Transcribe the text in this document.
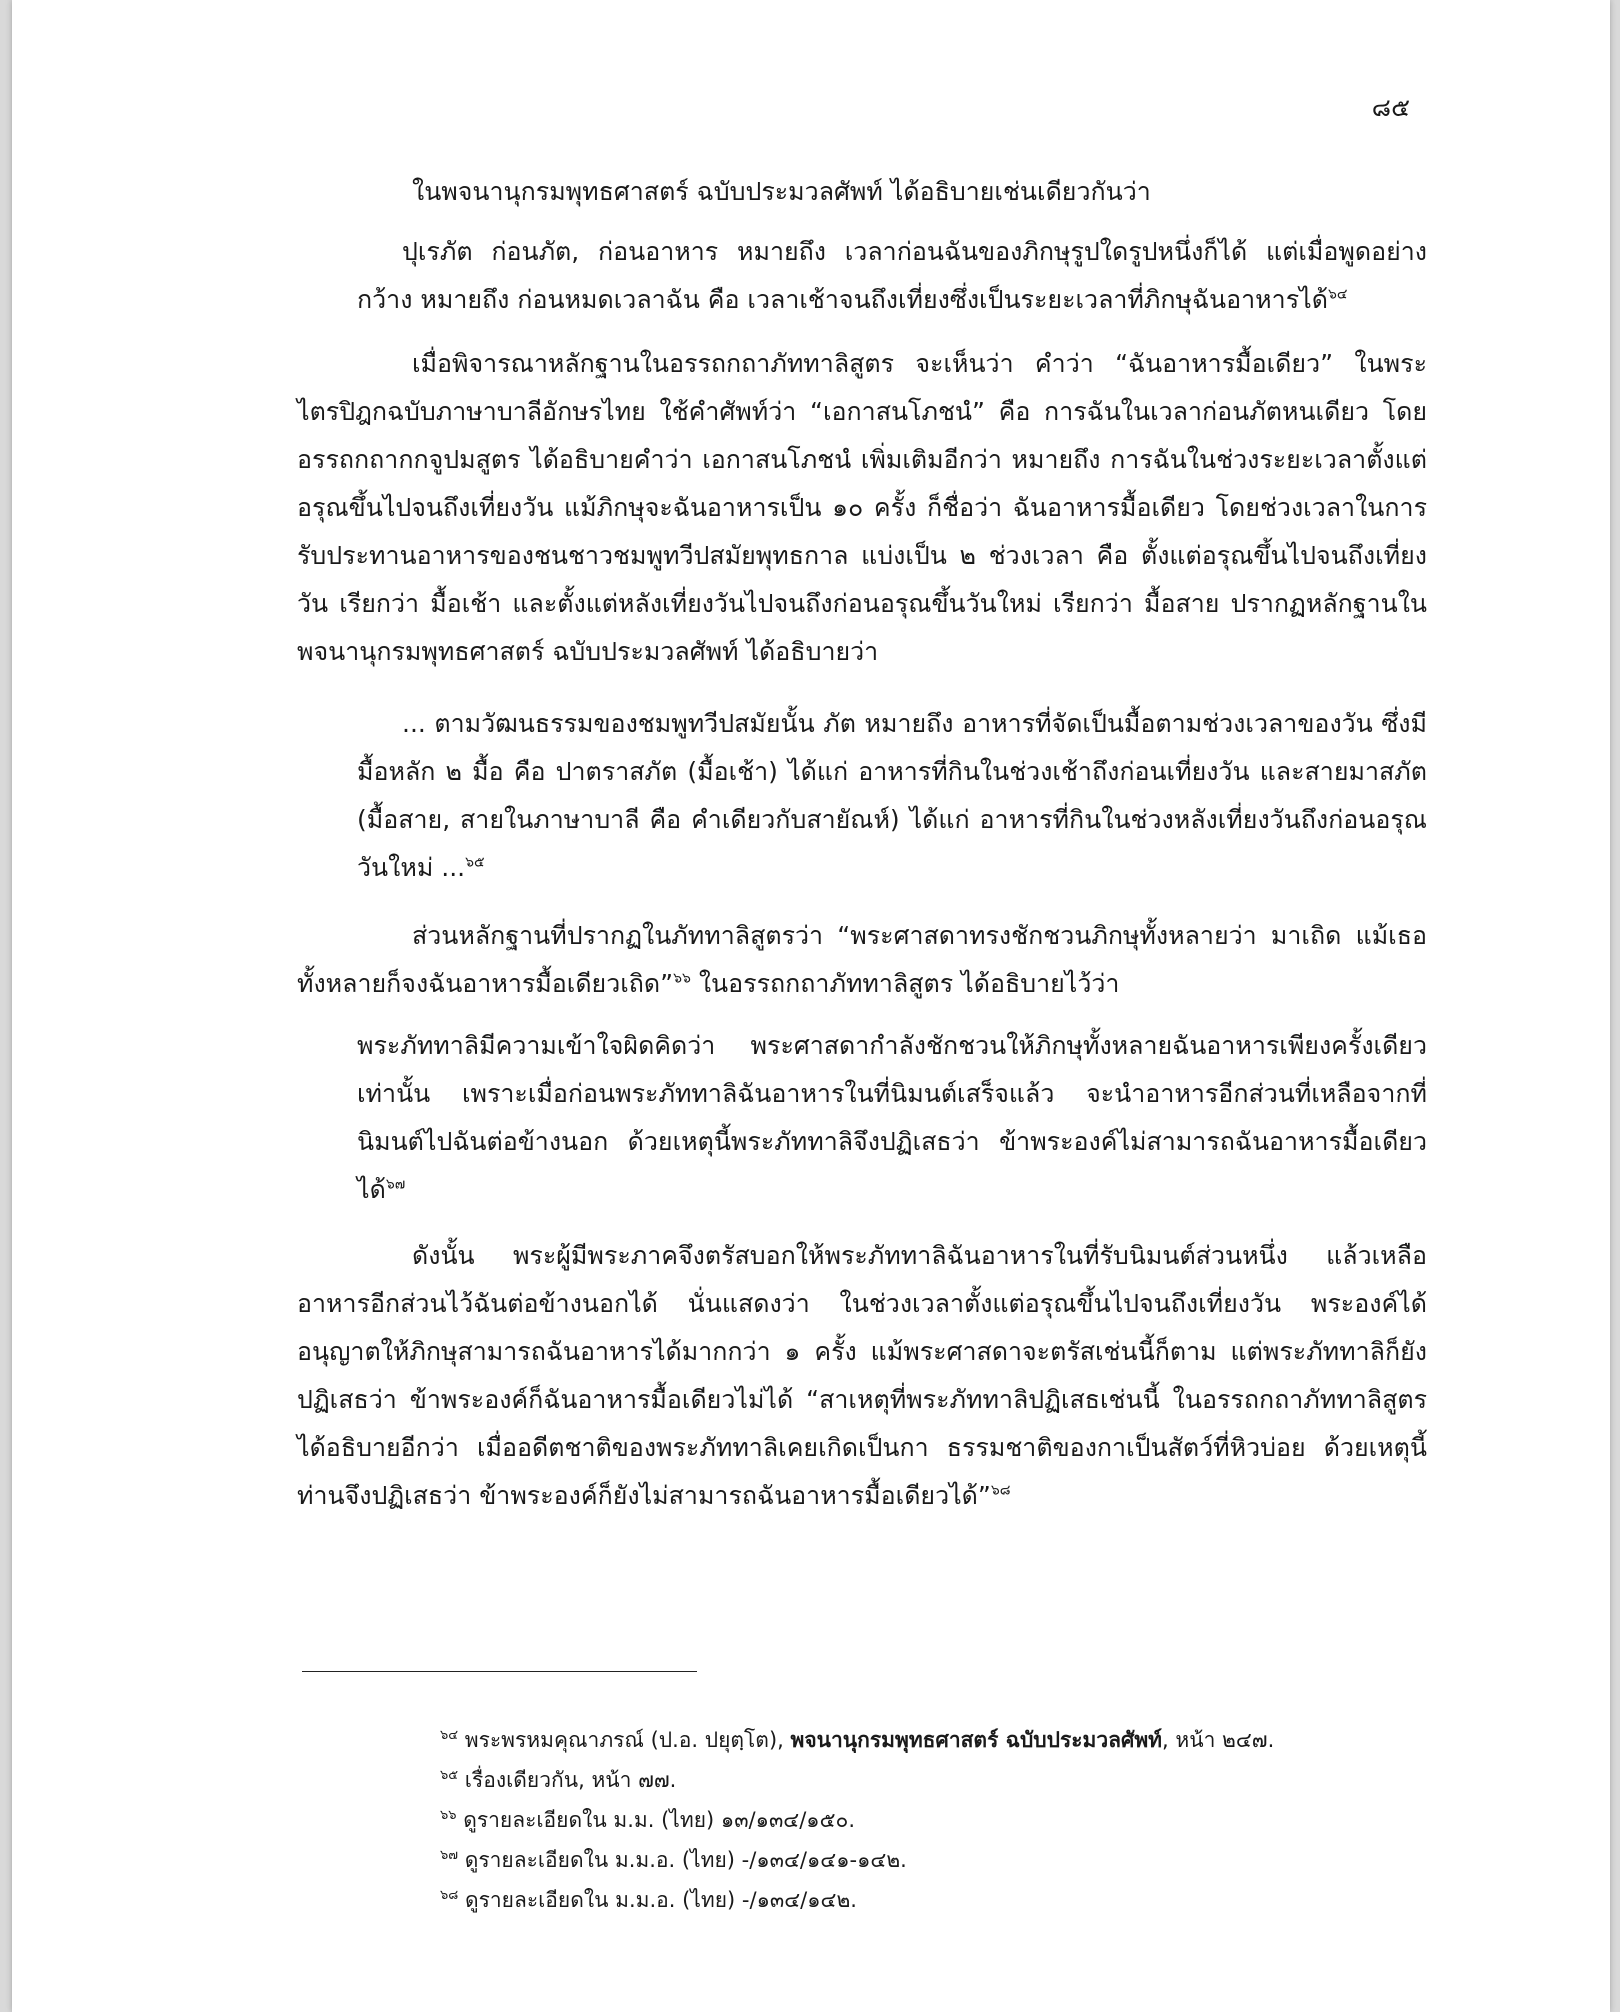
๘๕

ในพจนานุกรมพุทธศาสตร์ ฉบับประมวลศัพท์ ได้อธิบายเช่นเดียวกันว่า

ปุเรภัต ก่อนภัต, ก่อนอาหาร หมายถึง เวลาก่อนฉันของภิกษุรูปใดรูปหนึ่งก็ได้ แต่เมื่อพูดอย่างกว้าง หมายถึง ก่อนหมดเวลาฉัน คือ เวลาเช้าจนถึงเที่ยงซึ่งเป็นระยะเวลาที่ภิกษุฉันอาหารได้$^{๖๔}$

เมื่อพิจารณาหลักฐานในอรรถกถาภัททาลิสูตร จะเห็นว่า คำว่า “ฉันอาหารมื้อเดียว” ในพระไตรปิฎกฉบับภาษาบาลีอักษรไทย ใช้คำศัพท์ว่า “เอกาสนโภชนํ” คือ การฉันในเวลาก่อนภัตหนเดียว โดยอรรถกถากกจูปมสูตร ได้อธิบายคำว่า เอกาสนโภชนํ เพิ่มเติมอีกว่า หมายถึง การฉันในช่วงระยะเวลาตั้งแต่อรุณขึ้นไปจนถึงเที่ยงวัน แม้ภิกษุจะฉันอาหารเป็น ๑๐ ครั้ง ก็ชื่อว่า ฉันอาหารมื้อเดียว โดยช่วงเวลาในการรับประทานอาหารของชนชาวชมพูทวีปสมัยพุทธกาล แบ่งเป็น ๒ ช่วงเวลา คือ ตั้งแต่อรุณขึ้นไปจนถึงเที่ยงวัน เรียกว่า มื้อเช้า และตั้งแต่หลังเที่ยงวันไปจนถึงก่อนอรุณขึ้นวันใหม่ เรียกว่า มื้อสาย ปรากฏหลักฐานในพจนานุกรมพุทธศาสตร์ ฉบับประมวลศัพท์ ได้อธิบายว่า

... ตามวัฒนธรรมของชมพูทวีปสมัยนั้น ภัต หมายถึง อาหารที่จัดเป็นมื้อตามช่วงเวลาของวัน ซึ่งมีมื้อหลัก ๒ มื้อ คือ ปาตราสภัต (มื้อเช้า) ได้แก่ อาหารที่กินในช่วงเช้าถึงก่อนเที่ยงวัน และสายมาสภัต (มื้อสาย, สายในภาษาบาลี คือ คำเดียวกับสายัณห์) ได้แก่ อาหารที่กินในช่วงหลังเที่ยงวันถึงก่อนอรุณวันใหม่ ...$^{๖๕}$

ส่วนหลักฐานที่ปรากฏในภัททาลิสูตรว่า “พระศาสดาทรงชักชวนภิกษุทั้งหลายว่า มาเถิด แม้เธอทั้งหลายก็จงฉันอาหารมื้อเดียวเถิด”$^{๖๖}$ ในอรรถกถาภัททาลิสูตร ได้อธิบายไว้ว่า

พระภัททาลิมีความเข้าใจผิดคิดว่า พระศาสดากำลังชักชวนให้ภิกษุทั้งหลายฉันอาหารเพียงครั้งเดียวเท่านั้น เพราะเมื่อก่อนพระภัททาลิฉันอาหารในที่นิมนต์เสร็จแล้ว จะนำอาหารอีกส่วนที่เหลือจากที่นิมนต์ไปฉันต่อข้างนอก ด้วยเหตุนี้พระภัททาลิจึงปฏิเสธว่า ข้าพระองค์ไม่สามารถฉันอาหารมื้อเดียวได้$^{๖๗}$

ดังนั้น พระผู้มีพระภาคจึงตรัสบอกให้พระภัททาลิฉันอาหารในที่รับนิมนต์ส่วนหนึ่ง แล้วเหลืออาหารอีกส่วนไว้ฉันต่อข้างนอกได้ นั่นแสดงว่า ในช่วงเวลาตั้งแต่อรุณขึ้นไปจนถึงเที่ยงวัน พระองค์ได้อนุญาตให้ภิกษุสามารถฉันอาหารได้มากกว่า ๑ ครั้ง แม้พระศาสดาจะตรัสเช่นนี้ก็ตาม แต่พระภัททาลิก็ยังปฏิเสธว่า ข้าพระองค์ก็ฉันอาหารมื้อเดียวไม่ได้ “สาเหตุที่พระภัททาลิปฏิเสธเช่นนี้ ในอรรถกถาภัททาลิสูตร ได้อธิบายอีกว่า เมื่ออดีตชาติของพระภัททาลิเคยเกิดเป็นกา ธรรมชาติของกาเป็นสัตว์ที่หิวบ่อย ด้วยเหตุนี้ท่านจึงปฏิเสธว่า ข้าพระองค์ก็ยังไม่สามารถฉันอาหารมื้อเดียวได้”$^{๖๘}$

$^{๖๔}$ พระพรหมคุณาภรณ์ (ป.อ. ปยุตฺโต), พจนานุกรมพุทธศาสตร์ ฉบับประมวลศัพท์, หน้า ๒๔๗.
$^{๖๕}$ เรื่องเดียวกัน, หน้า ๗๗.
$^{๖๖}$ ดูรายละเอียดใน ม.ม. (ไทย) ๑๓/๑๓๔/๑๕๐.
$^{๖๗}$ ดูรายละเอียดใน ม.ม.อ. (ไทย) -/๑๓๔/๑๔๑-๑๔๒.
$^{๖๘}$ ดูรายละเอียดใน ม.ม.อ. (ไทย) -/๑๓๔/๑๔๒.
